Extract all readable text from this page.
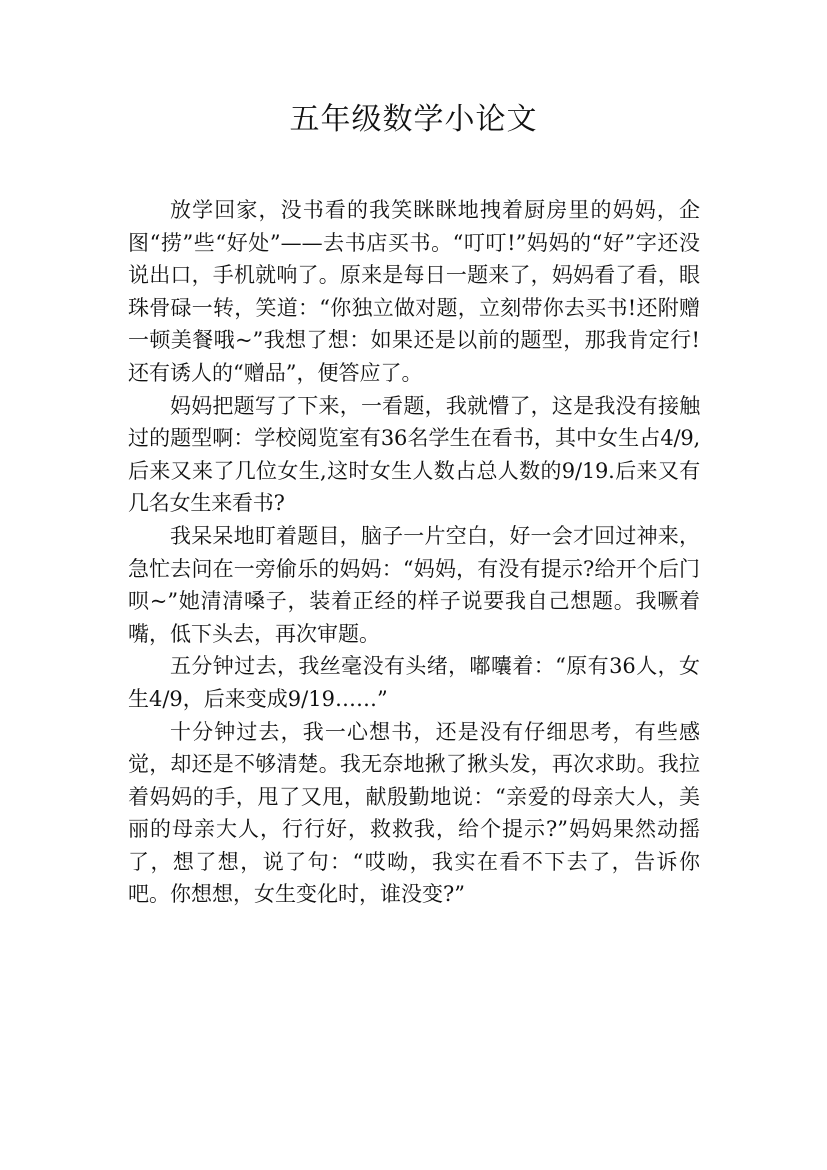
五年级数学小论文

放学回家，没书看的我笑眯眯地拽着厨房里的妈妈，企图“捞”些“好处”——去书店买书。“叮叮!”妈妈的“好”字还没说出口，手机就响了。原来是每日一题来了，妈妈看了看，眼珠骨碌一转，笑道：“你独立做对题，立刻带你去买书!还附赠一顿美餐哦~”我想了想：如果还是以前的题型，那我肯定行!还有诱人的“赠品”，便答应了。

妈妈把题写了下来，一看题，我就懵了，这是我没有接触过的题型啊：学校阅览室有36名学生在看书，其中女生占4/9,后来又来了几位女生,这时女生人数占总人数的9/19.后来又有几名女生来看书?

我呆呆地盯着题目，脑子一片空白，好一会才回过神来，急忙去问在一旁偷乐的妈妈：“妈妈，有没有提示?给开个后门呗~”她清清嗓子，装着正经的样子说要我自己想题。我噘着嘴，低下头去，再次审题。

五分钟过去，我丝毫没有头绪，嘟囔着：“原有36人，女生4/9，后来变成9/19……”

十分钟过去，我一心想书，还是没有仔细思考，有些感觉，却还是不够清楚。我无奈地揪了揪头发，再次求助。我拉着妈妈的手，甩了又甩，献殷勤地说：“亲爱的母亲大人，美丽的母亲大人，行行好，救救我，给个提示?”妈妈果然动摇了，想了想，说了句：“哎呦，我实在看不下去了，告诉你吧。你想想，女生变化时，谁没变?”
